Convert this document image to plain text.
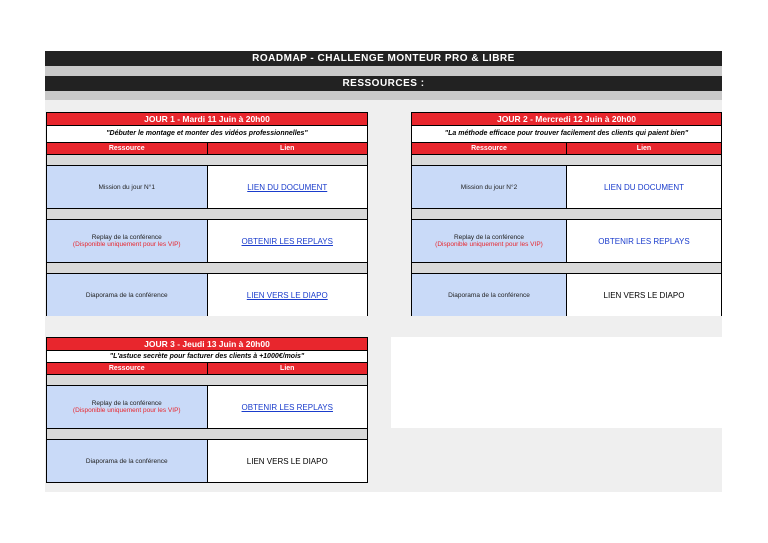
ROADMAP - CHALLENGE MONTEUR PRO & LIBRE
RESSOURCES :
JOUR 1 - Mardi 11 Juin à 20h00
"Débuter le montage et monter des vidéos professionnelles"
Ressource	Lien
Mission du jour N°1	LIEN DU DOCUMENT
Replay de la conférence
(Disponible uniquement pour les VIP)	OBTENIR LES REPLAYS
Diaporama de la conférence	LIEN VERS LE DIAPO
JOUR 2 - Mercredi 12 Juin à 20h00
"La méthode efficace pour trouver facilement des clients qui paient bien"
Ressource	Lien
Mission du jour N°2	LIEN DU DOCUMENT
Replay de la conférence
(Disponible uniquement pour les VIP)	OBTENIR LES REPLAYS
Diaporama de la conférence	LIEN VERS LE DIAPO
JOUR 3 - Jeudi 13 Juin à 20h00
"L'astuce secrète pour facturer des clients à +1000€/mois"
Ressource	Lien
Replay de la conférence
(Disponible uniquement pour les VIP)	OBTENIR LES REPLAYS
Diaporama de la conférence	LIEN VERS LE DIAPO
